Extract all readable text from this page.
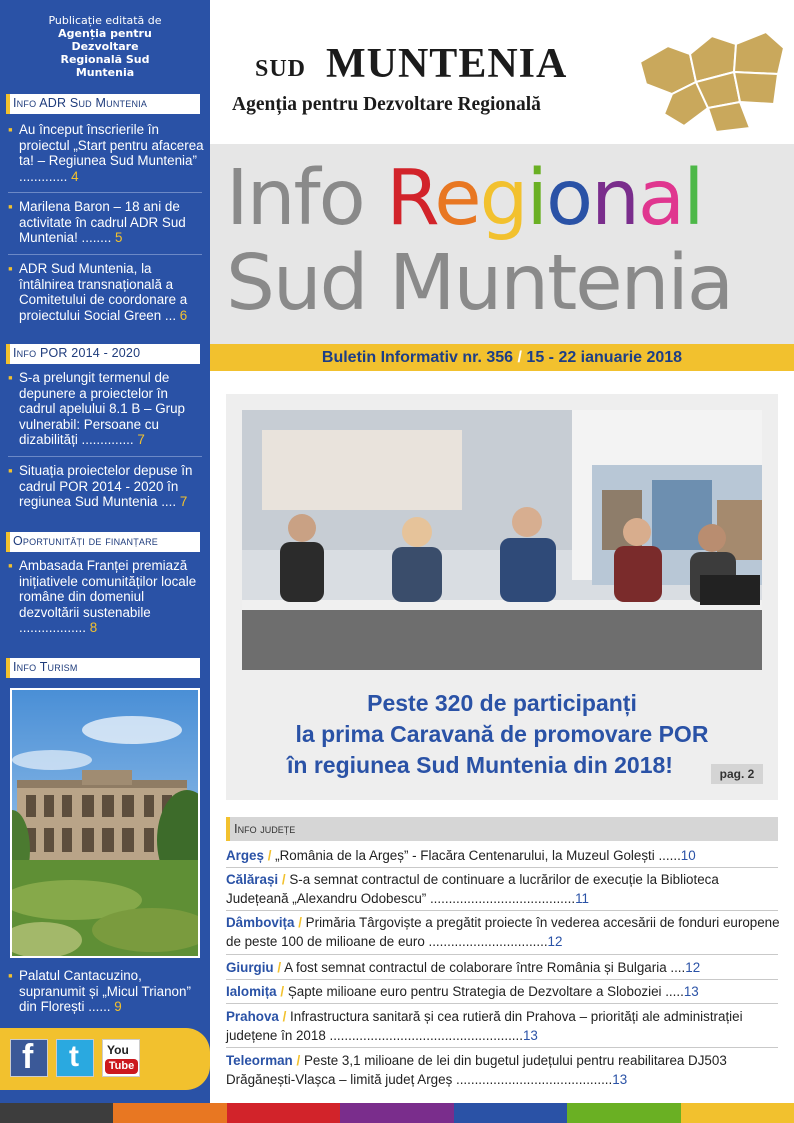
Publicație editată de
Agenția pentru Dezvoltare Regională Sud Muntenia
Info ADR Sud Muntenia
▪ Au început înscrierile în proiectul „Start pentru afacerea ta! – Regiunea Sud Muntenia” ............. 4
▪ Marilena Baron – 18 ani de activitate în cadrul ADR Sud Muntenia! ........ 5
▪ ADR Sud Muntenia, la întâlnirea transnațională a Comitetului de coordonare a proiectului Social Green ... 6
Info POR 2014 - 2020
▪ S-a prelungit termenul de depunere a proiectelor în cadrul apelului 8.1 B – Grup vulnerabil: Persoane cu dizabilități .............. 7
▪ Situația proiectelor depuse în cadrul POR 2014 - 2020 în regiunea Sud Muntenia .... 7
Oportunități de finanțare
▪ Ambasada Franței premiază inițiativele comunităților locale române din domeniul dezvoltării sustenabile .................. 8
Info Turism
▪ Palatul Cantacuzino, supranumit și „Micul Trianon” din Florești ...... 9
f t You
Tube
SUD MUNTENIA
Agenția pentru Dezvoltare Regională
Info Regional
Sud Muntenia
Buletin Informativ nr. 356 / 15 - 22 ianuarie 2018
Peste 320 de participanți
la prima Caravană de promovare POR
în regiunea Sud Muntenia din 2018!	pag. 2
Info județe
Argeș / „România de la Argeș” - Flacăra Centenarului, la Muzeul Golești ......10
Călărași / S-a semnat contractul de continuare a lucrărilor de execuție la Biblioteca Județeană „Alexandru Odobescu” .......................................11
Dâmbovița / Primăria Târgoviște a pregătit proiecte în vederea accesării de fonduri europene de peste 100 de milioane de euro ................................12
Giurgiu / A fost semnat contractul de colaborare între România și Bulgaria ....12
Ialomița / Șapte milioane euro pentru Strategia de Dezvoltare a Sloboziei .....13
Prahova / Infrastructura sanitară și cea rutieră din Prahova – priorități ale administrației județene în 2018 ....................................................13
Teleorman / Peste 3,1 milioane de lei din bugetul județului pentru reabilitarea DJ503 Drăgănești-Vlașca – limită județ Argeș ..........................................13
